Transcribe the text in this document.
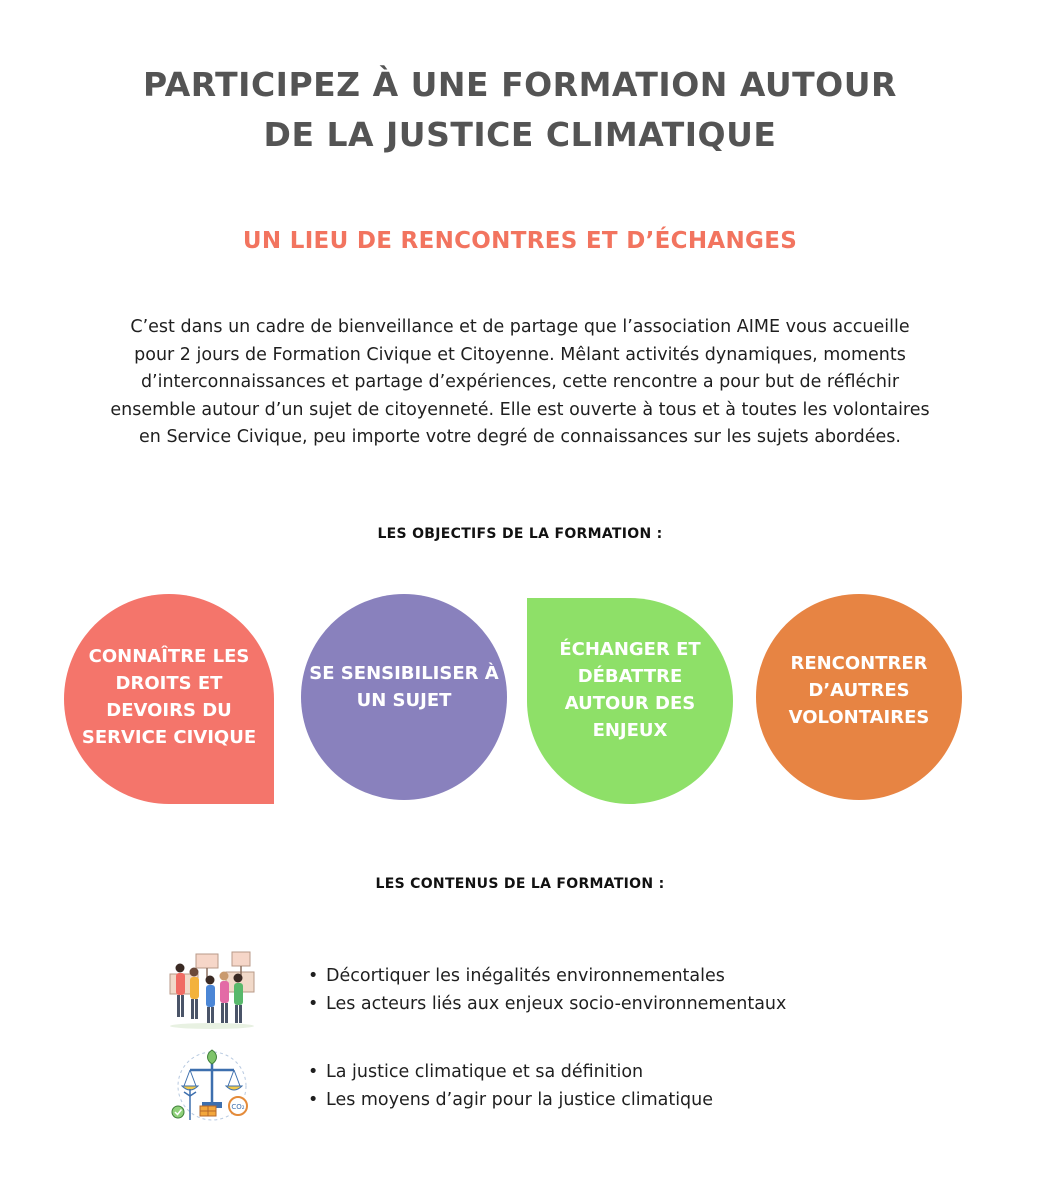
PARTICIPEZ À UNE FORMATION AUTOUR
DE LA JUSTICE CLIMATIQUE
UN LIEU DE RENCONTRES ET D’ÉCHANGES
C’est dans un cadre de bienveillance et de partage que l’association AIME vous accueille pour 2 jours de Formation Civique et Citoyenne. Mêlant activités dynamiques, moments d’interconnaissances et partage d’expériences, cette rencontre a pour but de réfléchir ensemble autour d’un sujet de citoyenneté. Elle est ouverte à tous et à toutes les volontaires en Service Civique, peu importe votre degré de connaissances sur les sujets abordées.
LES OBJECTIFS DE LA FORMATION :
CONNAÎTRE LES DROITS ET DEVOIRS DU SERVICE CIVIQUE
SE SENSIBILISER À UN SUJET
ÉCHANGER ET DÉBATTRE AUTOUR DES ENJEUX
RENCONTRER D’AUTRES VOLONTAIRES
LES CONTENUS DE LA FORMATION :
• Décortiquer les inégalités environnementales
• Les acteurs liés aux enjeux socio-environnementaux
CO₂
• La justice climatique et sa définition
• Les moyens d’agir pour la justice climatique
